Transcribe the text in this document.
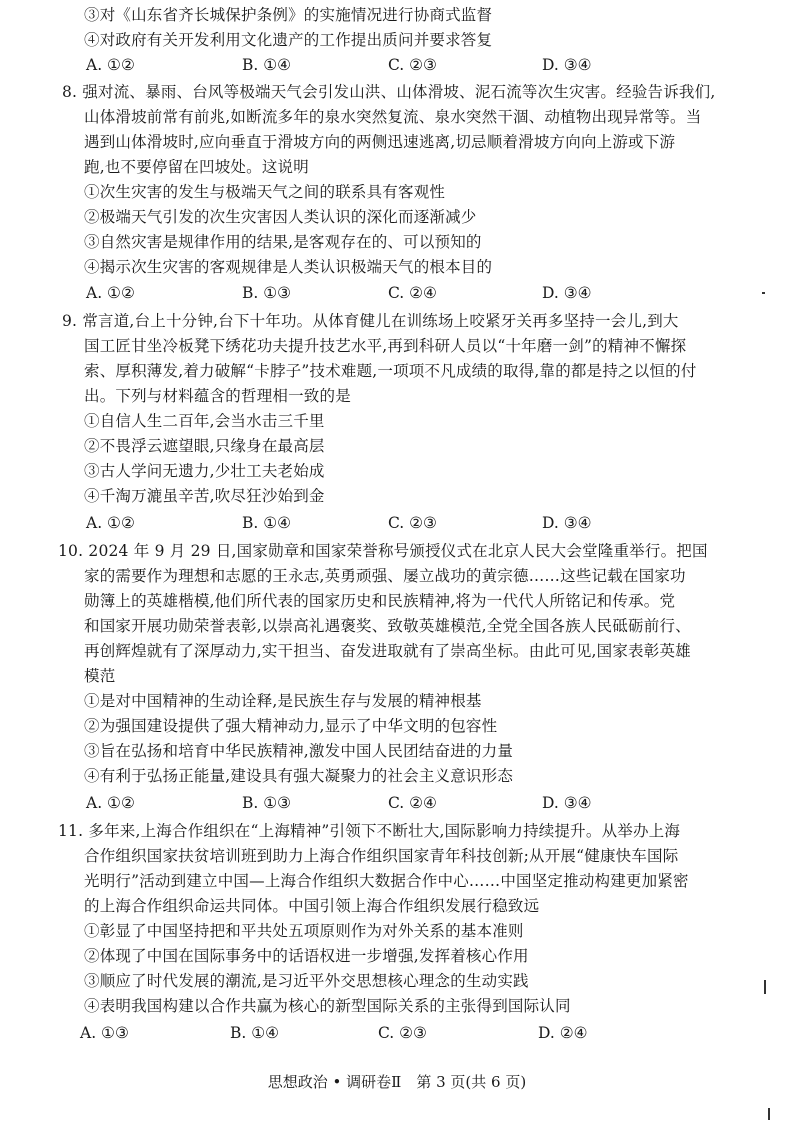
③对《山东省齐长城保护条例》的实施情况进行协商式监督
④对政府有关开发利用文化遗产的工作提出质问并要求答复
A. ①②	B. ①④	C. ②③	D. ③④
8. 强对流、暴雨、台风等极端天气会引发山洪、山体滑坡、泥石流等次生灾害。经验告诉我们,
山体滑坡前常有前兆,如断流多年的泉水突然复流、泉水突然干涸、动植物出现异常等。当
遇到山体滑坡时,应向垂直于滑坡方向的两侧迅速逃离,切忌顺着滑坡方向向上游或下游
跑,也不要停留在凹坡处。这说明
①次生灾害的发生与极端天气之间的联系具有客观性
②极端天气引发的次生灾害因人类认识的深化而逐渐减少
③自然灾害是规律作用的结果,是客观存在的、可以预知的
④揭示次生灾害的客观规律是人类认识极端天气的根本目的
A. ①②	B. ①③	C. ②④	D. ③④
9. 常言道,台上十分钟,台下十年功。从体育健儿在训练场上咬紧牙关再多坚持一会儿,到大
国工匠甘坐冷板凳下绣花功夫提升技艺水平,再到科研人员以“十年磨一剑”的精神不懈探
索、厚积薄发,着力破解“卡脖子”技术难题,一项项不凡成绩的取得,靠的都是持之以恒的付
出。下列与材料蕴含的哲理相一致的是
①自信人生二百年,会当水击三千里
②不畏浮云遮望眼,只缘身在最高层
③古人学问无遗力,少壮工夫老始成
④千淘万漉虽辛苦,吹尽狂沙始到金
A. ①②	B. ①④	C. ②③	D. ③④
10. 2024 年 9 月 29 日,国家勋章和国家荣誉称号颁授仪式在北京人民大会堂隆重举行。把国
家的需要作为理想和志愿的王永志,英勇顽强、屡立战功的黄宗德……这些记载在国家功
勋簿上的英雄楷模,他们所代表的国家历史和民族精神,将为一代代人所铭记和传承。党
和国家开展功勋荣誉表彰,以崇高礼遇褒奖、致敬英雄模范,全党全国各族人民砥砺前行、
再创辉煌就有了深厚动力,实干担当、奋发进取就有了崇高坐标。由此可见,国家表彰英雄
模范
①是对中国精神的生动诠释,是民族生存与发展的精神根基
②为强国建设提供了强大精神动力,显示了中华文明的包容性
③旨在弘扬和培育中华民族精神,激发中国人民团结奋进的力量
④有利于弘扬正能量,建设具有强大凝聚力的社会主义意识形态
A. ①②	B. ①③	C. ②④	D. ③④
11. 多年来,上海合作组织在“上海精神”引领下不断壮大,国际影响力持续提升。从举办上海
合作组织国家扶贫培训班到助力上海合作组织国家青年科技创新;从开展“健康快车国际
光明行”活动到建立中国—上海合作组织大数据合作中心……中国坚定推动构建更加紧密
的上海合作组织命运共同体。中国引领上海合作组织发展行稳致远
①彰显了中国坚持把和平共处五项原则作为对外关系的基本准则
②体现了中国在国际事务中的话语权进一步增强,发挥着核心作用
③顺应了时代发展的潮流,是习近平外交思想核心理念的生动实践
④表明我国构建以合作共赢为核心的新型国际关系的主张得到国际认同
A. ①③	B. ①④	C. ②③	D. ②④
思想政治 • 调研卷Ⅱ　第 3 页(共 6 页)
